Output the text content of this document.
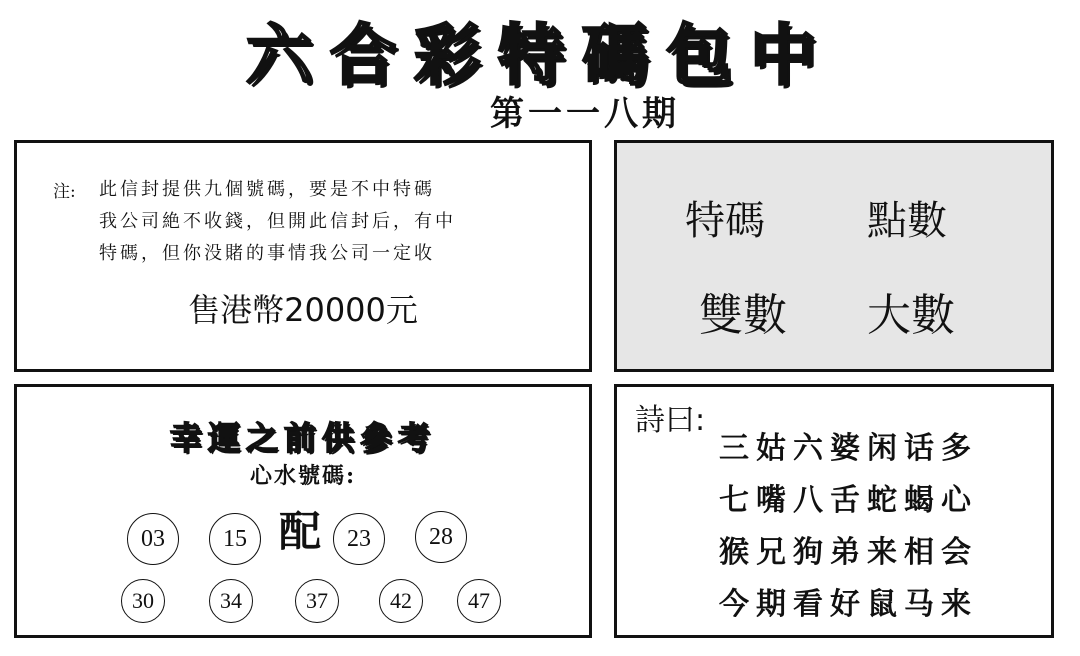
六合彩特碼包中
第一一八期
注: 此信封提供九個號碼，要是不中特碼
我公司絶不收錢，但開此信封后，有中
特碼，但你没賭的事情我公司一定收
售港幣20000元
特碼	點數
雙數 大數
幸運之前供參考
心水號碼:
配
03	15	23	28
30	34	37	42	47
詩曰:
三姑六婆闲话多
七嘴八舌蛇蝎心
猴兄狗弟来相会
今期看好鼠马来
